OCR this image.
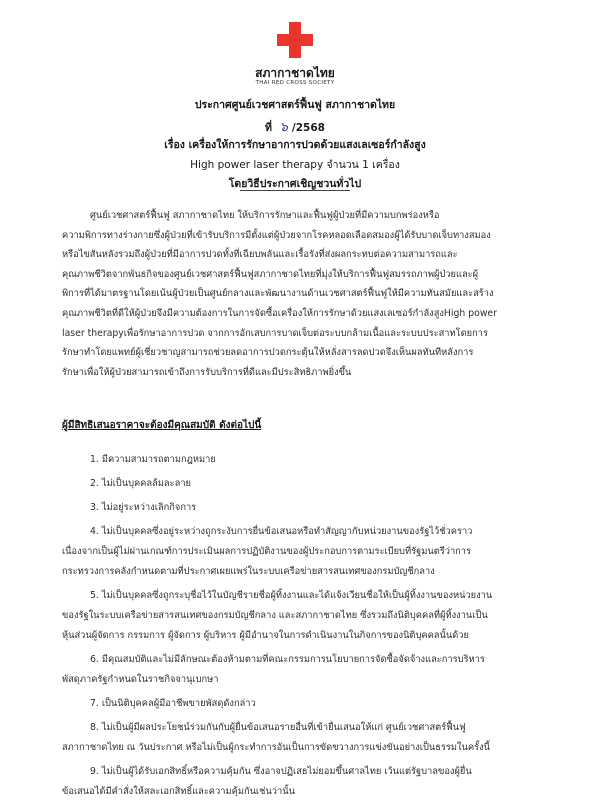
สภากาชาดไทย
THAI RED CROSS SOCIETY
ประกาศศูนย์เวชศาสตร์ฟื้นฟู สภากาชาดไทย
ที่ ๖ /2568
เรื่อง เครื่องให้การรักษาอาการปวดด้วยแสงเลเซอร์กำลังสูง
High power laser therapy จำนวน 1 เครื่อง
โดยวิธีประกาศเชิญชวนทั่วไป
ศูนย์เวชศาสตร์ฟื้นฟู สภากาชาดไทย ให้บริการรักษาและฟื้นฟูผู้ป่วยที่มีความบกพร่องหรือ
ความพิการทางร่างกายซึ่งผู้ป่วยที่เข้ารับบริการมีตั้งแต่ผู้ป่วยจากโรคหลอดเลือดสมองผู้ได้รับบาดเจ็บทางสมอง
หรือไขสันหลังรวมถึงผู้ป่วยที่มีอาการปวดทั้งที่เฉียบพลันและเรื้อรังที่ส่งผลกระทบต่อความสามารถและ
คุณภาพชีวิตจากพันธกิจของศูนย์เวชศาสตร์ฟื้นฟูสภากาชาดไทยที่มุ่งให้บริการฟื้นฟูสมรรถภาพผู้ป่วยและผู้
พิการที่ได้มาตรฐานโดยเน้นผู้ป่วยเป็นศูนย์กลางและพัฒนางานด้านเวชศาสตร์ฟื้นฟูให้มีความทันสมัยและสร้าง
คุณภาพชีวิตที่ดีให้ผู้ป่วยจึงมีความต้องการในการจัดซื้อเครื่องให้การรักษาด้วยแสงเลเซอร์กำลังสูงHigh power
laser therapyเพื่อรักษาอาการปวด จากการอักเสบการบาดเจ็บต่อระบบกล้ามเนื้อและระบบประสาทโดยการ
รักษาทำโดยแพทย์ผู้เชี่ยวชาญสามารถช่วยลดอาการปวดกระตุ้นให้หลั่งสารลดปวดจึงเห็นผลทันทีหลังการ
รักษาเพื่อให้ผู้ป่วยสามารถเข้าถึงการรับบริการที่ดีและมีประสิทธิภาพยิ่งขึ้น
ผู้มีสิทธิเสนอราคาจะต้องมีคุณสมบัติ ดังต่อไปนี้
1. มีความสามารถตามกฎหมาย
2. ไม่เป็นบุคคลล้มละลาย
3. ไม่อยู่ระหว่างเลิกกิจการ
4. ไม่เป็นบุคคลซึ่งอยู่ระหว่างถูกระงับการยื่นข้อเสนอหรือทำสัญญากับหน่วยงานของรัฐไว้ชั่วคราว
เนื่องจากเป็นผู้ไม่ผ่านเกณฑ์การประเมินผลการปฏิบัติงานของผู้ประกอบการตามระเบียบที่รัฐมนตรีว่าการ
กระทรวงการคลังกำหนดตามที่ประกาศเผยแพร่ในระบบเครือข่ายสารสนเทศของกรมบัญชีกลาง
5. ไม่เป็นบุคคลซึ่งถูกระบุชื่อไว้ในบัญชีรายชื่อผู้ทิ้งงานและได้แจ้งเวียนชื่อให้เป็นผู้ทิ้งงานของหน่วยงาน
ของรัฐในระบบเครือข่ายสารสนเทศของกรมบัญชีกลาง และสภากาชาดไทย ซึ่งรวมถึงนิติบุคคลที่ผู้ทิ้งงานเป็น
หุ้นส่วนผู้จัดการ กรรมการ ผู้จัดการ ผู้บริหาร ผู้มีอำนาจในการดำเนินงานในกิจการของนิติบุคคลนั้นด้วย
6. มีคุณสมบัติและไม่มีลักษณะต้องห้ามตามที่คณะกรรมการนโยบายการจัดซื้อจัดจ้างและการบริหาร
พัสดุภาครัฐกำหนดในราชกิจจานุเบกษา
7. เป็นนิติบุคคลผู้มีอาชีพขายพัสดุดังกล่าว
8. ไม่เป็นผู้มีผลประโยชน์ร่วมกันกับผู้ยื่นข้อเสนอรายอื่นที่เข้ายื่นเสนอให้แก่ ศูนย์เวชศาสตร์ฟื้นฟู
สภากาชาดไทย ณ วันประกาศ หรือไม่เป็นผู้กระทำการอันเป็นการขัดขวางการแข่งขันอย่างเป็นธรรมในครั้งนี้
9. ไม่เป็นผู้ได้รับเอกสิทธิ์หรือความคุ้มกัน ซึ่งอาจปฏิเสธไม่ยอมขึ้นศาลไทย เว้นแต่รัฐบาลของผู้ยื่น
ข้อเสนอได้มีคำสั่งให้สละเอกสิทธิ์และความคุ้มกันเช่นว่านั้น
